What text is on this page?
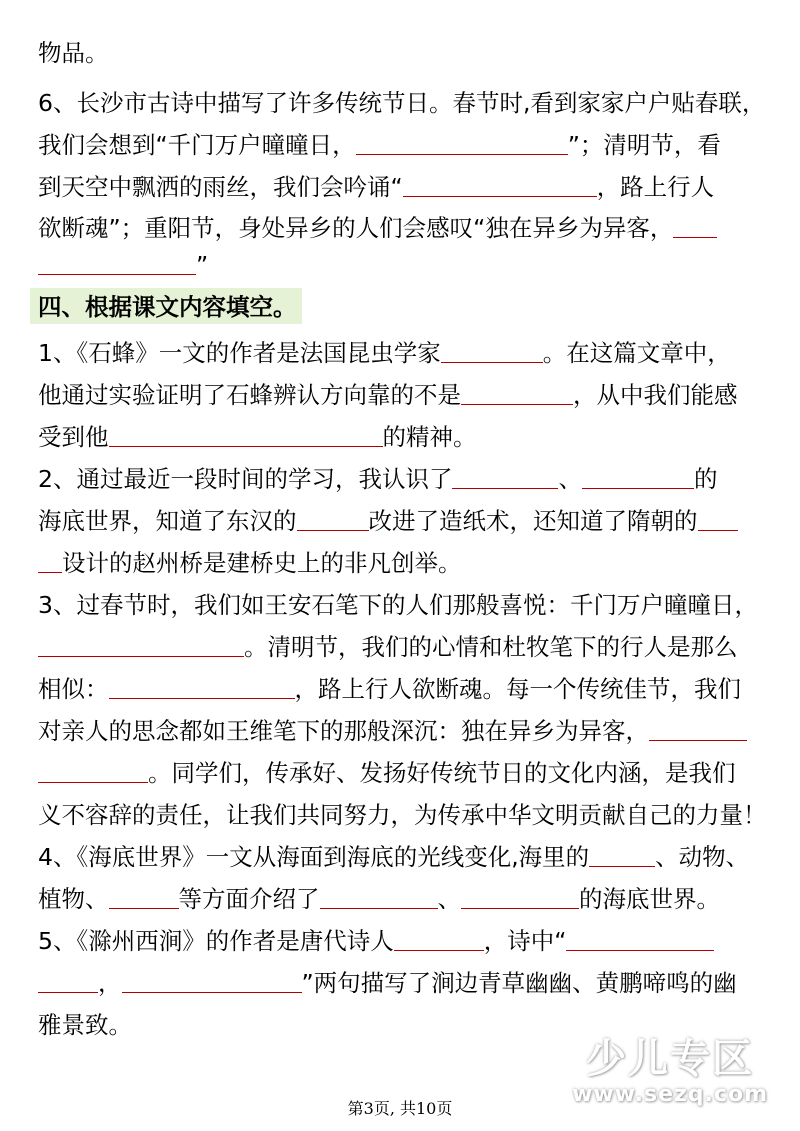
物品。
6、长沙市古诗中描写了许多传统节日。春节时,看到家家户户贴春联，
我们会想到“千门万户曈曈日，	”；清明节，看
到天空中飘洒的雨丝，我们会吟诵“	，路上行人
欲断魂”；重阳节，身处异乡的人们会感叹“独在异乡为异客，
”
四、根据课文内容填空。
1、《石蜂》一文的作者是法国昆虫学家	。在这篇文章中，
他通过实验证明了石蜂辨认方向靠的不是	，从中我们能感
受到他	的精神。
2、通过最近一段时间的学习，我认识了	、	的
海底世界，知道了东汉的	改进了造纸术，还知道了隋朝的
设计的赵州桥是建桥史上的非凡创举。
3、过春节时，我们如王安石笔下的人们那般喜悦：千门万户曈曈日，
。清明节，我们的心情和杜牧笔下的行人是那么
相似：	，路上行人欲断魂。每一个传统佳节，我们
对亲人的思念都如王维笔下的那般深沉：独在异乡为异客，
。同学们，传承好、发扬好传统节日的文化内涵，是我们
义不容辞的责任，让我们共同努力，为传承中华文明贡献自己的力量！
4、《海底世界》一文从海面到海底的光线变化,海里的	、动物、
植物、	等方面介绍了	、	的海底世界。
5、《滁州西涧》的作者是唐代诗人	，诗中“
，	”两句描写了涧边青草幽幽、黄鹏啼鸣的幽
雅景致。
少儿专区
www.sezq.com
第3页, 共10页
